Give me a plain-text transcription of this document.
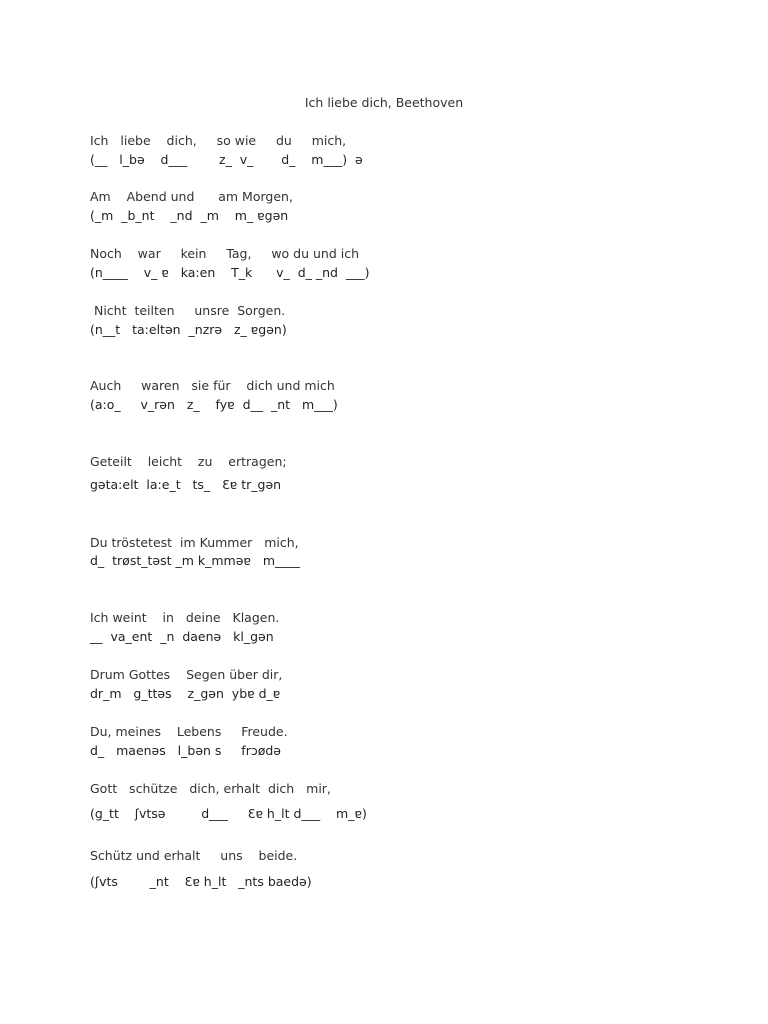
Ich liebe dich, Beethoven
Ich   liebe    dich,     so wie     du     mich,
(__   l_bə    d___        z_  v_       d_    m___)  ə
Am    Abend und      am Morgen,
(_m  _b_nt    _nd  _m    m_ ɐgən
Noch    war     kein     Tag,     wo du und ich
(n____    v_ ɐ   ka:en    T_k      v_  d_ _nd  ___)
Nicht  teilten     unsre  Sorgen.
(n__t   ta:eltən  _nzrə   z_ ɐgən)
Auch     waren   sie für    dich und mich
(a:o_     v_rən   z_    fyɐ  d__  _nt   m___)
Geteilt    leicht    zu    ertragen;
gəta:elt  la:e_t   ts_   Ɛɐ tr_gən
Du tröstetest  im Kummer   mich,
d_  trøst_təst _m k_mməɐ   m____
Ich weint    in   deine   Klagen.
__  va_ent  _n  daenə   kl_gən
Drum Gottes    Segen über dir,
dr_m   g_ttəs    z_gən  ybɐ d_ɐ
Du, meines    Lebens     Freude.
d_   maenəs   l_bən s     frɔødə
Gott   schütze   dich, erhalt  dich   mir,
(g_tt    ʃvtsə         d___     Ɛɐ h_lt d___    m_ɐ)
Schütz und erhalt     uns    beide.
(ʃvts        _nt    Ɛɐ h_lt   _nts baedə)
